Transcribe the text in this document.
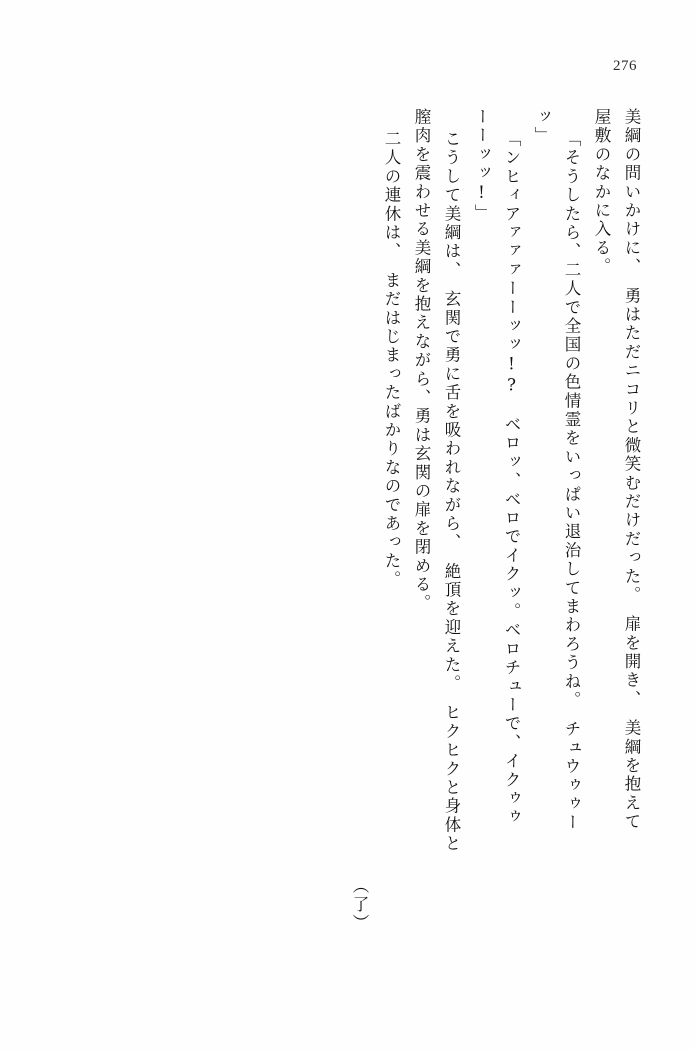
276
美綱の問いかけに、　勇はただニコリと微笑むだけだった。　扉を開き、　美綱を抱えて
屋敷のなかに入る。
「そうしたら、二人で全国の色情霊をいっぱい退治してまわろうね。　チュウゥゥー
ッ」
「ンヒィアァァァーーッッ!?　ベロッ、ベロでイクッ。ベロチューで、イクゥゥ
ーーッッ!」
こうして美綱は、　玄関で勇に舌を吸われながら、　絶頂を迎えた。　ヒクヒクと身体と
膣肉を震わせる美綱を抱えながら、勇は玄関の扉を閉める。
二人の連休は、　まだはじまったばかりなのであった。
（了）
